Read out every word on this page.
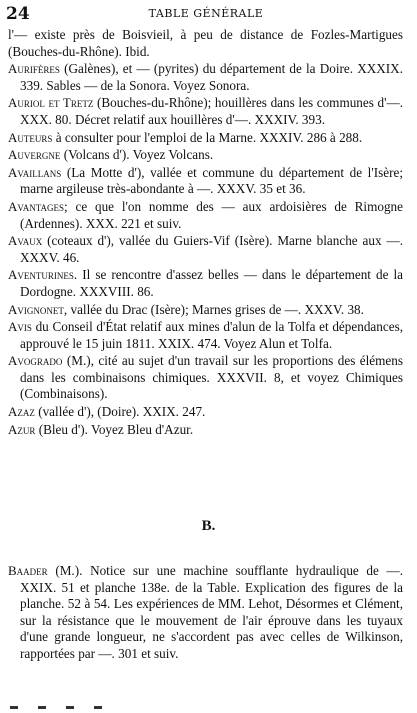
24	TABLE GÉNÉRALE

l'— existe près de Boisvieil, à peu de distance de Fozles-Martigues (Bouches-du-Rhône). Ibid.

Aurifères (Galènes), et — (pyrites) du département de la Doire. XXXIX. 339. Sables — de la Sonora. Voyez Sonora.

Auriol et Tretz (Bouches-du-Rhône); houillères dans les communes d'—. XXX. 80. Décret relatif aux houillères d'—. XXXIV. 393.

Auteurs à consulter pour l'emploi de la Marne. XXXIV. 286 à 288.

Auvergne (Volcans d'). Voyez Volcans.

Availlans (La Motte d'), vallée et commune du département de l'Isère; marne argileuse très-abondante à —. XXXV. 35 et 36.

Avantages; ce que l'on nomme des — aux ardoisières de Rimogne (Ardennes). XXX. 221 et suiv.

Avaux (coteaux d'), vallée du Guiers-Vif (Isère). Marne blanche aux —. XXXV. 46.

Aventurines. Il se rencontre d'assez belles — dans le département de la Dordogne. XXXVIII. 86.

Avignonet, vallée du Drac (Isère); Marnes grises de —. XXXV. 38.

Avis du Conseil d'État relatif aux mines d'alun de la Tolfa et dépendances, approuvé le 15 juin 1811. XXIX. 474. Voyez Alun et Tolfa.

Avogrado (M.), cité au sujet d'un travail sur les proportions des élémens dans les combinaisons chimiques. XXXVII. 8, et voyez Chimiques (Combinaisons).

Azaz (vallée d'), (Doire). XXIX. 247.

Azur (Bleu d'). Voyez Bleu d'Azur.

B.

Baader (M.). Notice sur une machine soufflante hydraulique de —. XXIX. 51 et planche 138e. de la Table. Explication des figures de la planche. 52 à 54. Les expériences de MM. Lehot, Désormes et Clément, sur la résistance que le mouvement de l'air éprouve dans les tuyaux d'une grande longueur, ne s'accordent pas avec celles de Wilkinson, rapportées par —. 301 et suiv.
